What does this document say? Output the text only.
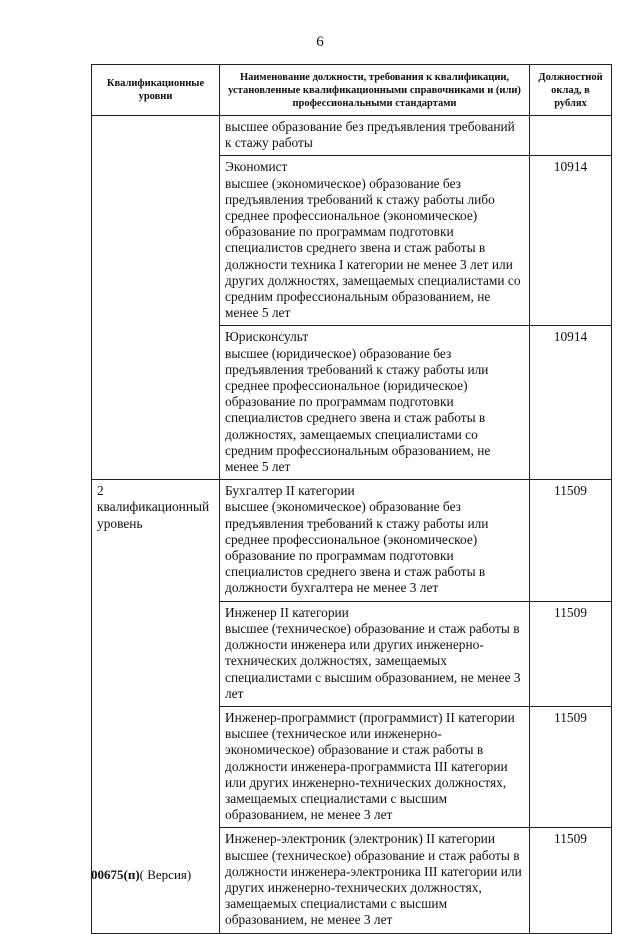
6
Квалификационные уровни	Наименование должности, требования к квалификации, установленные квалификационными справочниками и (или) профессиональными стандартами	Должностной оклад, в рублях

	высшее образование без предъявления требований к стажу работы	

	Экономист
высшее (экономическое) образование без предъявления требований к стажу работы либо среднее профессиональное (экономическое) образование по программам подготовки специалистов среднего звена и стаж работы в должности техника I категории не менее 3 лет или других должностях, замещаемых специалистами со средним профессиональным образованием, не менее 5 лет	10914

	Юрисконсульт
высшее (юридическое) образование без предъявления требований к стажу работы или среднее профессиональное (юридическое) образование по программам подготовки специалистов среднего звена и стаж работы в должностях, замещаемых специалистами со средним профессиональным образованием, не менее 5 лет	10914
2 квалификационный уровень	Бухгалтер II категории
высшее (экономическое) образование без предъявления требований к стажу работы или среднее профессиональное (экономическое) образование по программам подготовки специалистов среднего звена и стаж работы в должности бухгалтера не менее 3 лет	11509

	Инженер II категории
высшее (техническое) образование и стаж работы в должности инженера или других инженерно-технических должностях, замещаемых специалистами с высшим образованием, не менее 3 лет	11509

	Инженер-программист (программист) II категории
высшее (техническое или инженерно-экономическое) образование и стаж работы в должности инженера-программиста III категории или других инженерно-технических должностях, замещаемых специалистами с высшим образованием, не менее 3 лет	11509

	Инженер-электроник (электроник) II категории
высшее (техническое) образование и стаж работы в должности инженера-электроника III категории или других инженерно-технических должностях, замещаемых специалистами с высшим образованием, не менее 3 лет	11509
00675(п)( Версия)
